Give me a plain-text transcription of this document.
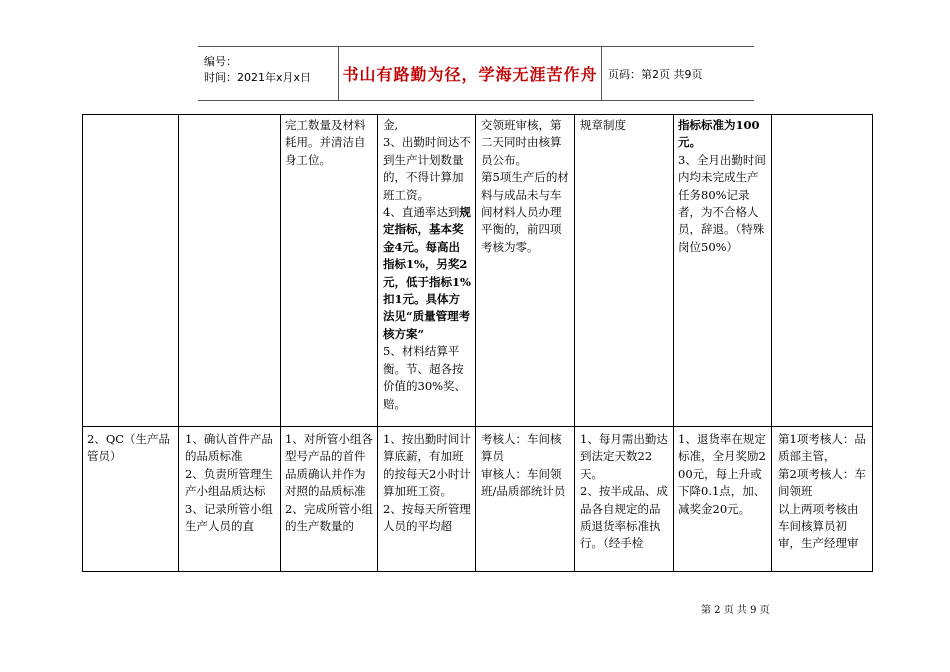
编号：
时间：2021年x月x日 书山有路勤为径，学海无涯苦作舟 页码：第2页 共9页

完工数量及材料耗用。并清洁自身工位。

金,
3、出勤时间达不到生产计划数量的，不得计算加班工资。
4、直通率达到规定指标，基本奖金4元。每高出指标1%，另奖2元，低于指标1%扣1元。具体方法见“质量管理考核方案”
5、材料结算平衡。节、超各按价值的30%奖、赔。

交领班审核，第二天同时由核算员公布。

第5项生产后的材料与成品未与车间材料人员办理平衡的，前四项考核为零。

规章制度	指标标准为100元。

3、全月出勤时间内均未完成生产任务80%记录者，为不合格人员，辞退。（特殊岗位50%）

2、QC（生产品管员）

1、确认首件产品的品质标准

2、负责所管理生产小组品质达标

3、记录所管小组生产人员的直

1、对所管小组各型号产品的首件品质确认并作为对照的品质标准

2、完成所管小组的生产数量的

1、按出勤时间计算底薪，有加班的按每天2小时计算加班工资。

2、按每天所管理人员的平均超

考核人：车间核算员

审核人：车间领班/品质部统计员

1、每月需出勤达到法定天数22天。

2、按半成品、成品各自规定的品质退货率标准执行。（经手检

1、退货率在规定标准，全月奖励200元，每上升或下降0.1点，加、减奖金20元。

第1项考核人：品质部主管，

第2项考核人：车间领班

以上两项考核由车间核算员初审，生产经理审

第 2 页 共 9 页
